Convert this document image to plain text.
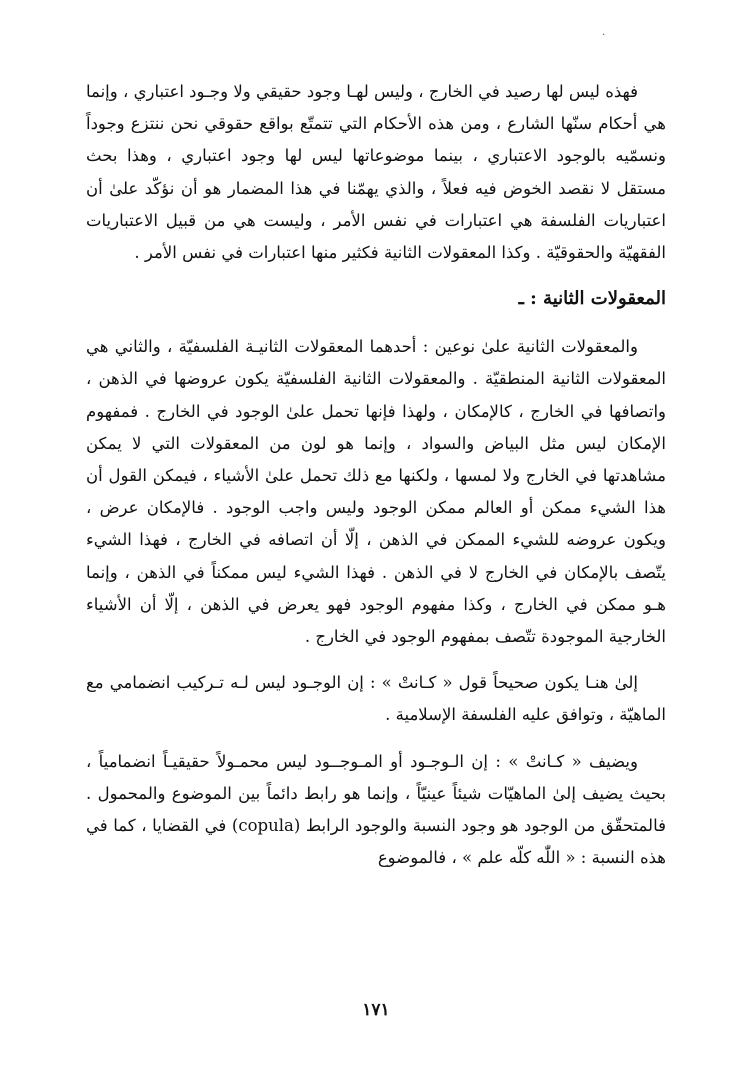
·

فهذه ليس لها رصيد في الخارج ، وليس لهـا وجود حقيقي ولا وجـود اعتباري ، وإنما هي أحكام سنّها الشارع ، ومن هذه الأحكام التي تتمتّع بواقع حقوقي نحن ننتزع وجوداً ونسمّيه بالوجود الاعتباري ، بينما موضوعاتها ليس لها وجود اعتباري ، وهذا بحث مستقل لا نقصد الخوض فيه فعلاً ، والذي يهمّنا في هذا المضمار هو أن نؤكّد علىٰ أن اعتباريات الفلسفة هي اعتبارات في نفس الأمر ، وليست هي من قبيل الاعتباريات الفقهيّة والحقوقيّة . وكذا المعقولات الثانية فكثير منها اعتبارات في نفس الأمر .

المعقولات الثانية : ـ

والمعقولات الثانية علىٰ نوعين : أحدهما المعقولات الثانيـة الفلسفيّة ، والثاني هي المعقولات الثانية المنطقيّة . والمعقولات الثانية الفلسفيّة يكون عروضها في الذهن ، واتصافها في الخارج ، كالإمكان ، ولهذا فإنها تحمل علىٰ الوجود في الخارج . فمفهوم الإمكان ليس مثل البياض والسواد ، وإنما هو لون من المعقولات التي لا يمكن مشاهدتها في الخارج ولا لمسها ، ولكنها مع ذلك تحمل علىٰ الأشياء ، فيمكن القول أن هذا الشيء ممكن أو العالم ممكن الوجود وليس واجب الوجود . فالإمكان عرض ، ويكون عروضه للشيء الممكن في الذهن ، إلّا أن اتصافه في الخارج ، فهذا الشيء يتّصف بالإمكان في الخارج لا في الذهن . فهذا الشيء ليس ممكناً في الذهن ، وإنما هـو ممكن في الخارج ، وكذا مفهوم الوجود فهو يعرض في الذهن ، إلّا أن الأشياء الخارجية الموجودة تتّصف بمفهوم الوجود في الخارج .

إلىٰ هنـا يكون صحيحاً قول « كـانتْ » : إن الوجـود ليس لـه تـركيب انضمامي مع الماهيّة ، وتوافق عليه الفلسفة الإسلامية .

ويضيف « كـانتْ » : إن الـوجـود أو المـوجــود ليس محمـولاً حقيقيـاً انضمامياً ، بحيث يضيف إلىٰ الماهيّات شيئاً عينيّاً ، وإنما هو رابط دائماً بين الموضوع والمحمول . فالمتحقّق من الوجود هو وجود النسبة والوجود الرابط (copula) في القضايا ، كما في هذه النسبة : « اللّٰه كلّه علم » ، فالموضوع

١٧١
